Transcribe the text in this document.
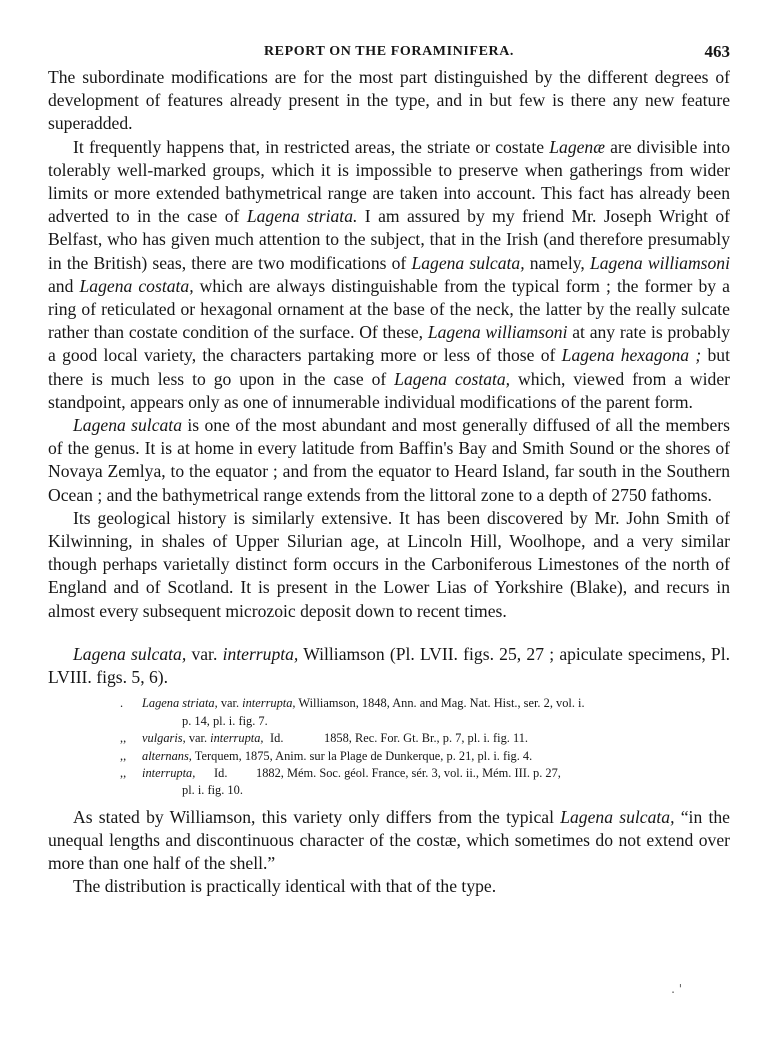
REPORT ON THE FORAMINIFERA.	463

The subordinate modifications are for the most part distinguished by the different degrees of development of features already present in the type, and in but few is there any new feature superadded.

It frequently happens that, in restricted areas, the striate or costate Lagenæ are divisible into tolerably well-marked groups, which it is impossible to preserve when gatherings from wider limits or more extended bathymetrical range are taken into account. This fact has already been adverted to in the case of Lagena striata. I am assured by my friend Mr. Joseph Wright of Belfast, who has given much attention to the subject, that in the Irish (and therefore presumably in the British) seas, there are two modifications of Lagena sulcata, namely, Lagena williamsoni and Lagena costata, which are always distinguishable from the typical form ; the former by a ring of reticulated or hexagonal ornament at the base of the neck, the latter by the really sulcate rather than costate condition of the surface. Of these, Lagena williamsoni at any rate is probably a good local variety, the characters partaking more or less of those of Lagena hexagona ; but there is much less to go upon in the case of Lagena costata, which, viewed from a wider standpoint, appears only as one of innumerable individual modifications of the parent form.

Lagena sulcata is one of the most abundant and most generally diffused of all the members of the genus. It is at home in every latitude from Baffin's Bay and Smith Sound or the shores of Novaya Zemlya, to the equator ; and from the equator to Heard Island, far south in the Southern Ocean ; and the bathymetrical range extends from the littoral zone to a depth of 2750 fathoms.

Its geological history is similarly extensive. It has been discovered by Mr. John Smith of Kilwinning, in shales of Upper Silurian age, at Lincoln Hill, Woolhope, and a very similar though perhaps varietally distinct form occurs in the Carboniferous Limestones of the north of England and of Scotland. It is present in the Lower Lias of Yorkshire (Blake), and recurs in almost every subsequent microzoic deposit down to recent times.

Lagena sulcata, var. interrupta, Williamson (Pl. LVII. figs. 25, 27 ; apiculate specimens, Pl. LVIII. figs. 5, 6).

.	Lagena striata, var. interrupta, Williamson, 1848, Ann. and Mag. Nat. Hist., ser. 2, vol. i.
p. 14, pl. i. fig. 7.
,,	vulgaris, var. interrupta, Id.	1858, Rec. For. Gt. Br., p. 7, pl. i. fig. 11.
,,	alternans, Terquem, 1875, Anim. sur la Plage de Dunkerque, p. 21, pl. i. fig. 4.
,,	interrupta, Id. 1882, Mém. Soc. géol. France, sér. 3, vol. ii., Mém. III. p. 27,
pl. i. fig. 10.

As stated by Williamson, this variety only differs from the typical Lagena sulcata, “in the unequal lengths and discontinuous character of the costæ, which sometimes do not extend over more than one half of the shell.”

The distribution is practically identical with that of the type.

. '
